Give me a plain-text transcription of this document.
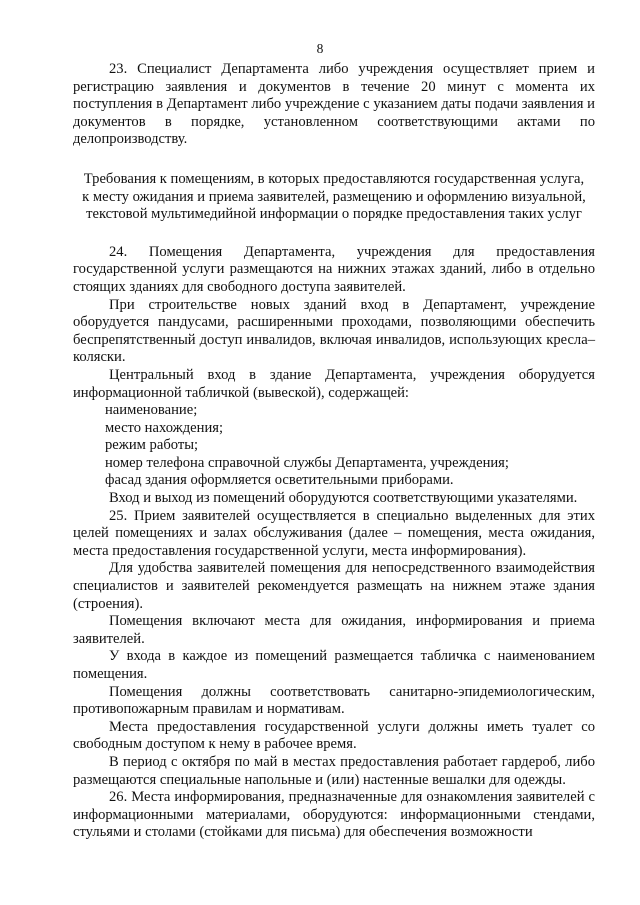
8

23. Специалист Департамента либо учреждения осуществляет прием и регистрацию заявления и документов в течение 20 минут с момента их поступления в Департамент либо учреждение с указанием даты подачи заявления и документов в порядке, установленном соответствующими актами по делопроизводству.

Требования к помещениям, в которых предоставляются государственная услуга, к месту ожидания и приема заявителей, размещению и оформлению визуальной, текстовой мультимедийной информации о порядке предоставления таких услуг

24. Помещения Департамента, учреждения для предоставления государственной услуги размещаются на нижних этажах зданий, либо в отдельно стоящих зданиях для свободного доступа заявителей.

При строительстве новых зданий вход в Департамент, учреждение оборудуется пандусами, расширенными проходами, позволяющими обеспечить беспрепятственный доступ инвалидов, включая инвалидов, использующих кресла–коляски.

Центральный вход в здание Департамента, учреждения оборудуется информационной табличкой (вывеской), содержащей:

наименование;

место нахождения;

режим работы;

номер телефона справочной службы Департамента, учреждения;

фасад здания оформляется осветительными приборами.

Вход и выход из помещений оборудуются соответствующими указателями.

25. Прием заявителей осуществляется в специально выделенных для этих целей помещениях и залах обслуживания (далее – помещения, места ожидания, места предоставления государственной услуги, места информирования).

Для удобства заявителей помещения для непосредственного взаимодействия специалистов и заявителей рекомендуется размещать на нижнем этаже здания (строения).

Помещения включают места для ожидания, информирования и приема заявителей.

У входа в каждое из помещений размещается табличка с наименованием помещения.

Помещения должны соответствовать санитарно-эпидемиологическим, противопожарным правилам и нормативам.

Места предоставления государственной услуги должны иметь туалет со свободным доступом к нему в рабочее время.

В период с октября по май в местах предоставления работает гардероб, либо размещаются специальные напольные и (или) настенные вешалки для одежды.

26. Места информирования, предназначенные для ознакомления заявителей с информационными материалами, оборудуются: информационными стендами, стульями и столами (стойками для письма) для обеспечения возможности
